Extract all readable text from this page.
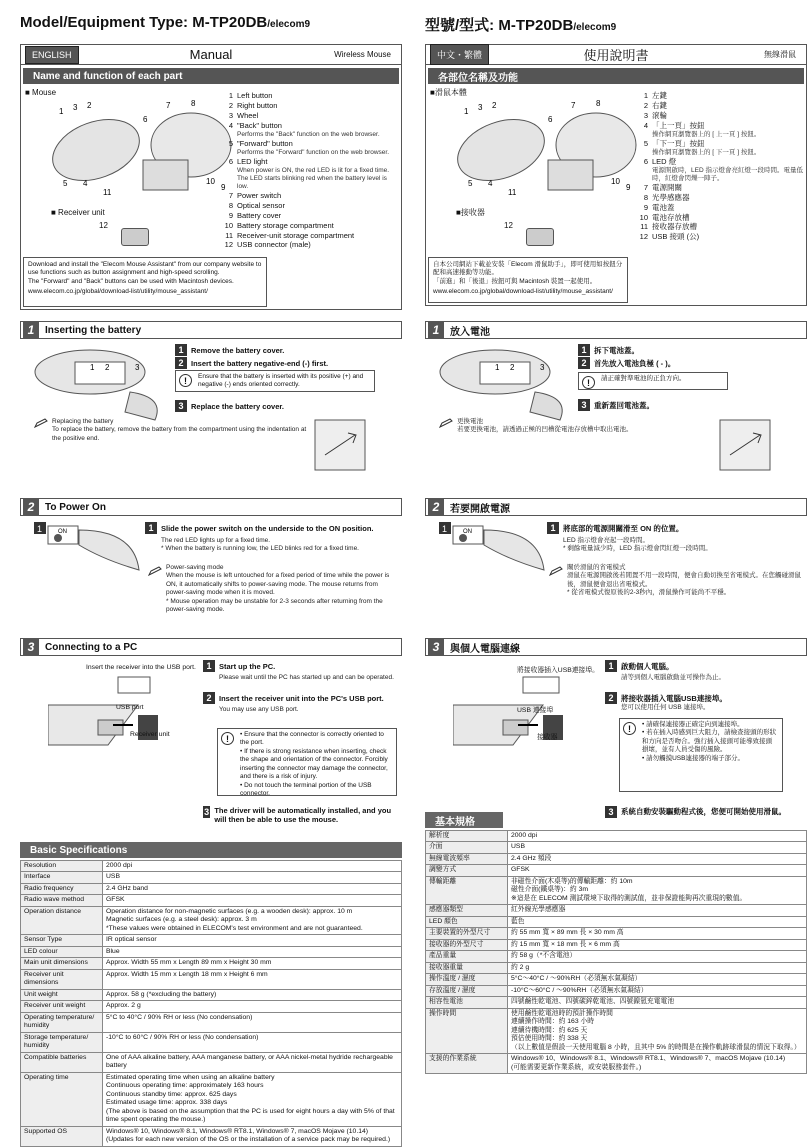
Model/Equipment Type: M-TP20DB/elecom9
ENGLISH	Manual	Wireless Mouse
Name and function of each part
■ Mouse
1 3 2
6
7	8
5 4
11
10
9
■ Receiver unit
12
1 Left button
2 Right button
3 Wheel
4 "Back" button
Performs the "Back" function on the web browser.
5 "Forward" button
Performs the "Forward" function on the web browser.
6 LED light
When power is ON, the red LED is lit for a fixed time. The LED starts blinking red when the battery level is low.
7 Power switch
8 Optical sensor
9 Battery cover
10 Battery storage compartment
11 Receiver-unit storage compartment
12 USB connector (male)
Download and install the "Elecom Mouse Assistant" from our company website to use functions such as button assignment and high-speed scrolling.
The "Forward" and "Back" buttons can be used with Macintosh devices.
www.elecom.co.jp/global/download-list/utility/mouse_assistant/
1	Inserting the battery
1 2	3
1	Remove the battery cover.
2	Insert the battery negative-end (-) first.
!	Ensure that the battery is inserted with its positive (+) and negative (-) ends oriented correctly.
3	Replace the battery cover.
Replacing the battery
To replace the battery, remove the battery from the compartment using the indentation at the positive end.
2	To Power On
1	ON	1	Slide the power switch on the underside to the ON position.
The red LED lights up for a fixed time.
* When the battery is running low, the LED blinks red for a fixed time.
Power-saving mode
When the mouse is left untouched for a fixed period of time while the power is ON, it automatically shifts to power-saving mode. The mouse returns from power-saving mode when it is moved.
* Mouse operation may be unstable for 2-3 seconds after returning from the power-saving mode.
3	Connecting to a PC
Insert the receiver into the USB port.
USB port
Receiver unit
1	Start up the PC.
Please wait until the PC has started up and can be operated.
2	Insert the receiver unit into the PC's USB port.
You may use any USB port.
!	• Ensure that the connector is correctly oriented to the port.
• If there is strong resistance when inserting, check the shape and orientation of the connector. Forcibly inserting the connector may damage the connector, and there is a risk of injury.
• Do not touch the terminal portion of the USB connector.
3 The driver will be automatically installed, and you will then be able to use the mouse.
Basic Specifications
Resolution	2000 dpi
Interface	USB
Radio frequency	2.4 GHz band
Radio wave method	GFSK
Operation distance	Operation distance for non-magnetic surfaces (e.g. a wooden desk): approx. 10 m
Magnetic surfaces (e.g. a steel desk): approx. 3 m
*These values were obtained in ELECOM's test environment and are not guaranteed.
Sensor Type	IR optical sensor
LED colour	Blue
Main unit dimensions	Approx. Width 55 mm x Length 89 mm x Height 30 mm
Receiver unit dimensions	Approx. Width 15 mm x Length 18 mm x Height 6 mm
Unit weight	Approx. 58 g (*excluding the battery)
Receiver unit weight	Approx. 2 g
Operating temperature/ humidity	5°C to 40°C / 90% RH or less (No condensation)
Storage temperature/ humidity	-10°C to 60°C / 90% RH or less (No condensation)
Compatible batteries	One of AAA alkaline battery, AAA manganese battery, or AAA nickel-metal hydride rechargeable battery
Operating time	Estimated operating time when using an alkaline battery
Continuous operating time: approximately 163 hours
Continuous standby time: approx. 625 days
Estimated usage time: approx. 338 days
(The above is based on the assumption that the PC is used for eight hours a day with 5% of that time spent operating the mouse.)
Supported OS	Windows® 10, Windows® 8.1, Windows® RT8.1, Windows® 7, macOS Mojave (10.14)
(Updates for each new version of the OS or the installation of a service pack may be required.)
型號/型式: M-TP20DB/elecom9
中文・繁體	使用說明書	無線滑鼠
各部位名稱及功能
■滑鼠本體
1 3 2
6
7	8
5 4
11
10
9
■接收器
12
1 左鍵
2 右鍵
3 滾輪
4 「上一頁」按鈕
操作網頁瀏覽器上的 [ 上一頁 ] 按鈕。
5 「下一頁」按鈕
操作網頁瀏覽器上的 [ 下一頁 ] 按鈕。
6 LED 燈
電源開啟時，LED 指示燈會亮紅燈一段時間。電量低時，紅燈會閃爍一陣子。
7 電源開關
8 光學感應器
9 電池蓋
10 電池存放槽
11 接收器存放槽
12 USB 接頭 (公)
自本公司網站下載並安裝「Elecom 滑鼠助手」，即可使用如按鈕分配和高速捲動等功能。
「前進」和「後退」按鈕可與 Macintosh 裝置一起使用。
www.elecom.co.jp/global/download-list/utility/mouse_assistant/
1	放入電池
1 2	3
1	拆下電池蓋。
2	首先放入電池負極 ( - )。
!	請正確對準電池的正負方向。
3	重新蓋回電池蓋。
更換電池
若要更換電池，請透過正極的凹槽從電池存放槽中取出電池。
2	若要開啟電源
1	ON	1	將底部的電源開關滑至 ON 的位置。
LED 指示燈會亮起一段時間。
* 剩餘電量減少時，LED 指示燈會閃紅燈一段時間。
關於滑鼠的省電模式
滑鼠在電源開啟後若閒置不用一段時間，便會自動切換至省電模式。在您觸碰滑鼠後，滑鼠便會退出省電模式。
* 從省電模式復原後的2-3秒內，滑鼠操作可能尚不平穩。
3	與個人電腦連線
將接收器插入USB連接埠。
USB 連接埠
接收器
1	啟動個人電腦。
請等到個人電腦啟動並可操作為止。
2	將接收器插入電腦USB連接埠。
您可以使用任何 USB 連接埠。
!	• 請確保連接器正確定向到連接埠。
• 若在插入時感到巨大阻力，請檢查接頭的形狀和方向是否吻合。強行插入接頭可能導致接頭損壞，並有人員受傷的風險。
• 請勿觸摸USB連接器的端子部分。
3	系統自動安裝驅動程式後，您便可開始使用滑鼠。
基本規格
解析度	2000 dpi
介面	USB
無線電波頻率	2.4 GHz 頻段
調變方式	GFSK
傳輸距離	非磁性介面(木桌等)的傳輸距離：約 10m
磁性介面(鐵桌等)：約 3m
※這是在 ELECOM 測試環境下取得的測試值，並非保證能夠再次重現的數值。
感應器類型	紅外線光學感應器
LED 顏色	藍色
主要裝置的外型尺寸	約 55 mm 寬 × 89 mm 長 × 30 mm 高
接收器的外型尺寸	約 15 mm 寬 × 18 mm 長 × 6 mm 高
產品重量	約 58 g（*不含電池）
接收器重量	約 2 g
操作溫度 / 濕度	5°C～40°C / ～90%RH（必須無水氣凝結）
存放溫度 / 濕度	-10°C～60°C / ～90%RH（必須無水氣凝結）
相容性電池	四號鹼性乾電池、四號碳鋅乾電池、四號鎳氫充電電池
操作時間	使用鹼性乾電池時的預計操作時間
連續操作時間：約 163 小時
連續待機時間：約 625 天
預估使用時間：約 338 天
（以上數值是假設一天使用電腦 8 小時，且其中 5% 的時間是在操作軌跡球滑鼠的情況下取得。）
支援的作業系統	Windows® 10、Windows® 8.1、Windows® RT8.1、Windows® 7、macOS Mojave (10.14)
(可能需要更新作業系統，或安裝服務套件。)
